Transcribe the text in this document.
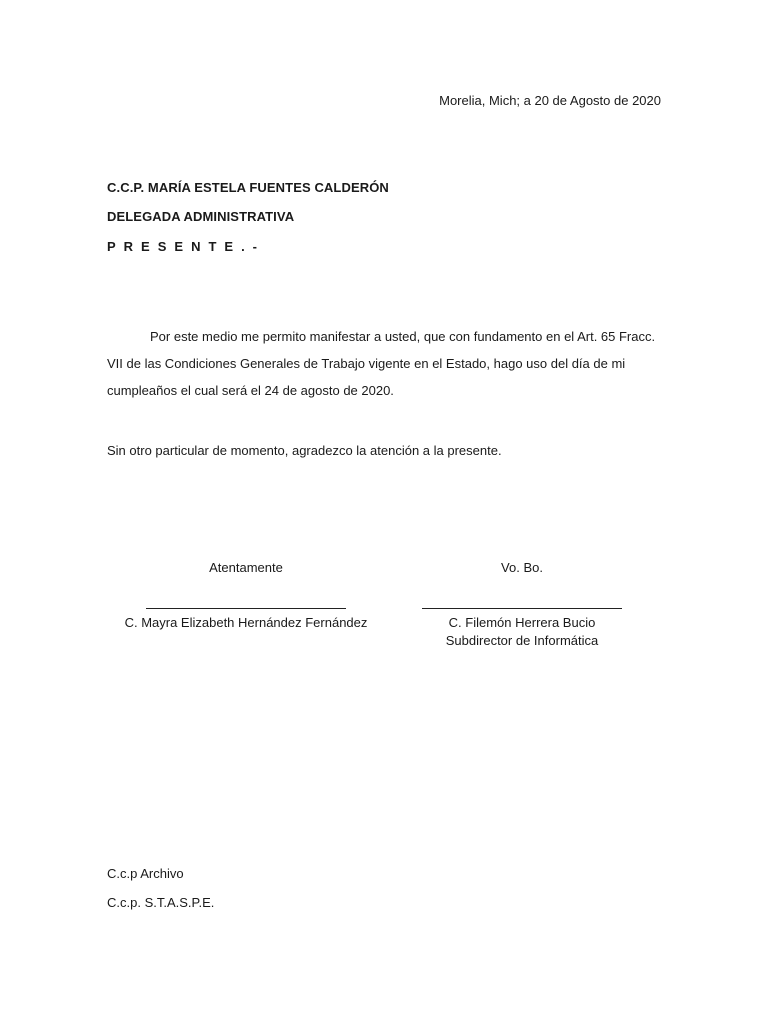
Morelia, Mich; a 20 de Agosto de 2020
C.C.P. MARÍA ESTELA FUENTES CALDERÓN
DELEGADA ADMINISTRATIVA
PRESENTE.-
Por este medio me permito manifestar a usted, que con fundamento en el Art. 65 Fracc.
VII de las Condiciones Generales de Trabajo vigente en el Estado, hago uso del día de mi
cumpleaños el cual será el 24 de agosto de 2020.
Sin otro particular de momento, agradezco la atención a la presente.
Atentamente
C. Mayra Elizabeth Hernández Fernández
Vo. Bo.
C. Filemón Herrera Bucio
Subdirector de Informática
C.c.p Archivo
C.c.p. S.T.A.S.P.E.
